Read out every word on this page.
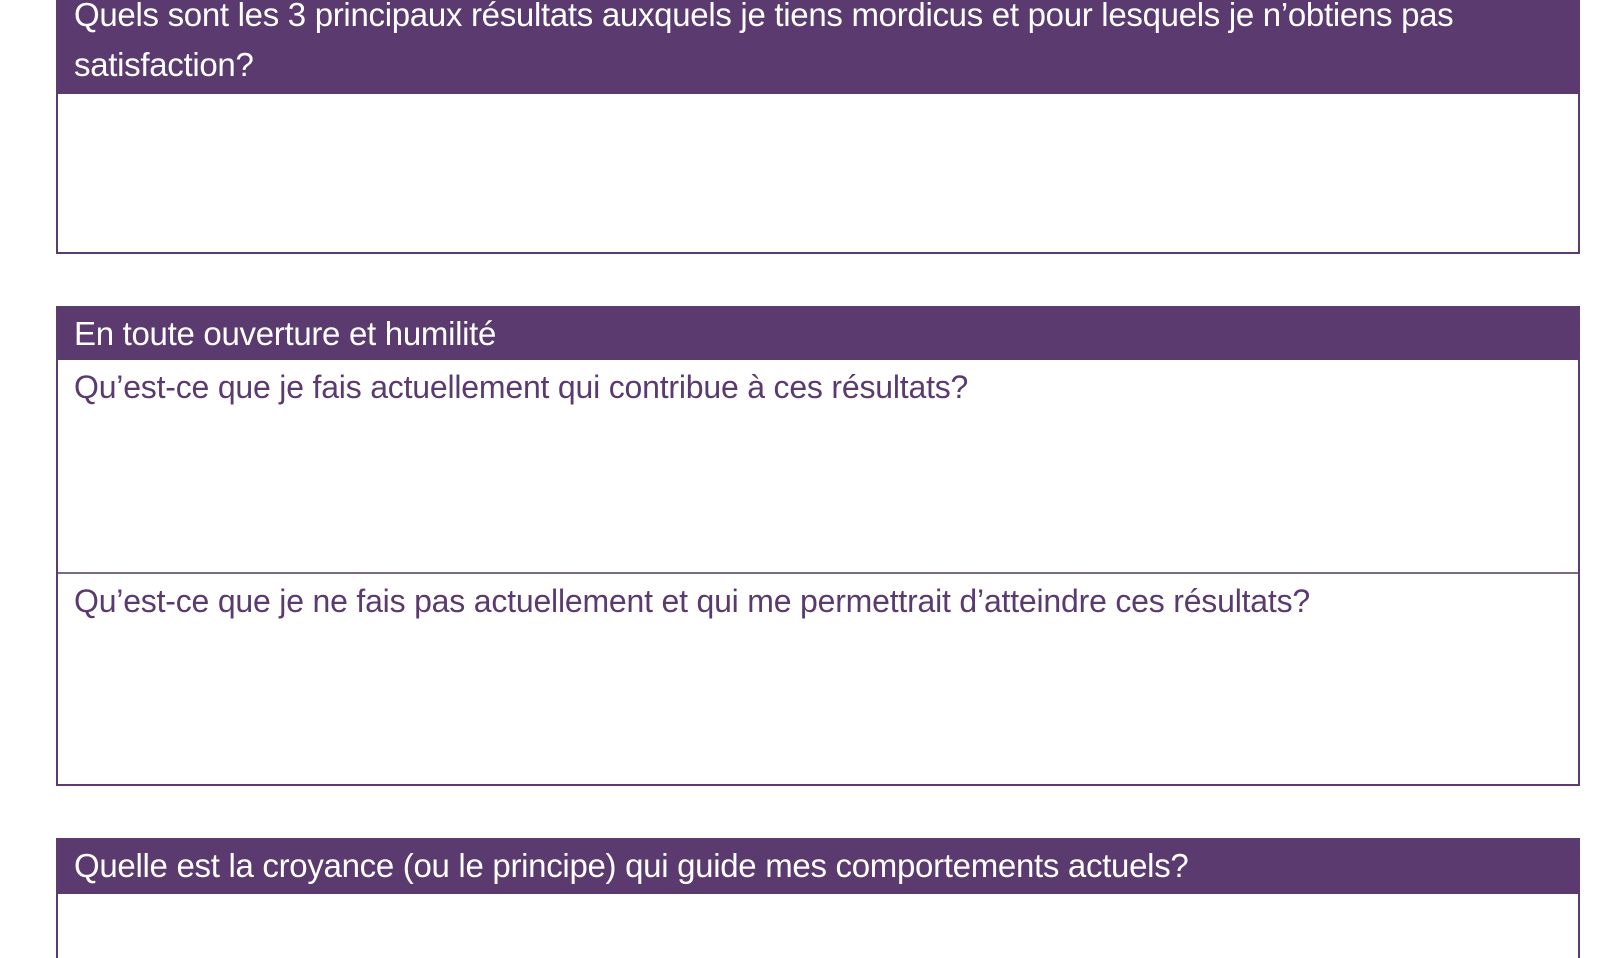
Quels sont les 3 principaux résultats auxquels je tiens mordicus et pour lesquels je n’obtiens pas satisfaction?
En toute ouverture et humilité
Qu’est-ce que je fais actuellement qui contribue à ces résultats?
Qu’est-ce que je ne fais pas actuellement et qui me permettrait d’atteindre ces résultats?
Quelle est la croyance (ou le principe) qui guide mes comportements actuels?
